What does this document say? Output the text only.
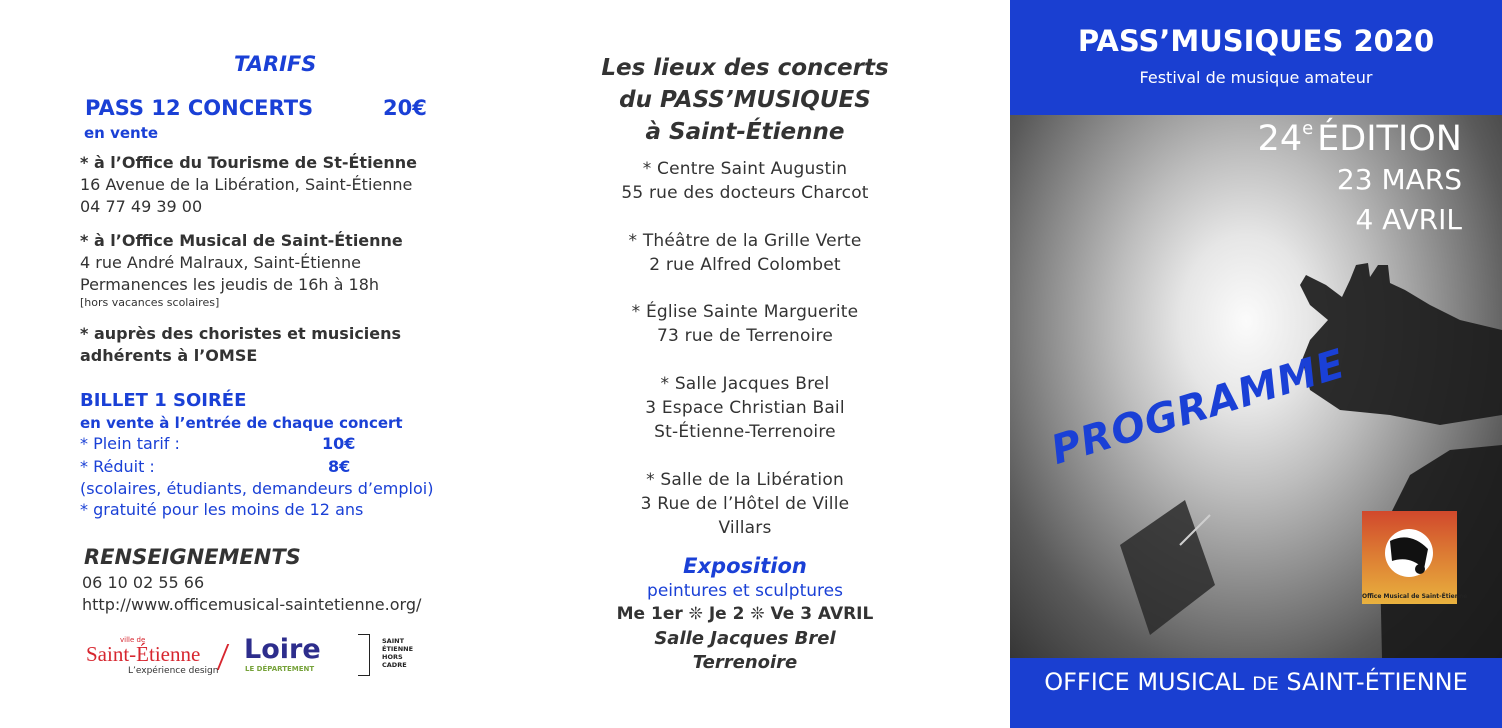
TARIFS
PASS 12 CONCERTS	20€
en vente
* à l’Office du Tourisme de St-Étienne
16 Avenue de la Libération, Saint-Étienne
04 77 49 39 00
* à l’Office Musical de Saint-Étienne
4 rue André Malraux, Saint-Étienne
Permanences les jeudis de 16h à 18h
[hors vacances scolaires]
* auprès des choristes et musiciens
adhérents à l’OMSE
BILLET 1 SOIRÉE
en vente à l’entrée de chaque concert
* Plein tarif :	10€
* Réduit :	8€
(scolaires, étudiants, demandeurs d’emploi)
* gratuité pour les moins de 12 ans
RENSEIGNEMENTS
06 10 02 55 66
http://www.officemusical-saintetienne.org/
ville de
Saint-Étienne
L’expérience design
Loire
LE DÉPARTEMENT
SAINT
ÉTIENNE
HORS
CADRE
Les lieux des concerts
du PASS’MUSIQUES
à Saint-Étienne
* Centre Saint Augustin
55 rue des docteurs Charcot
* Théâtre de la Grille Verte
2 rue Alfred Colombet
* Église Sainte Marguerite
73 rue de Terrenoire
* Salle Jacques Brel
3 Espace Christian Bail
St-Étienne-Terrenoire
* Salle de la Libération
3 Rue de l’Hôtel de Ville
Villars
Exposition
peintures et sculptures
Me 1er ❊ Je 2 ❊ Ve 3 AVRIL
Salle Jacques Brel
Terrenoire
PASS’MUSIQUES 2020
Festival de musique amateur
24e ÉDITION
23 MARS
4 AVRIL
PROGRAMME
Office Musical de Saint-Étienne
OFFICE MUSICAL DE SAINT-ÉTIENNE
